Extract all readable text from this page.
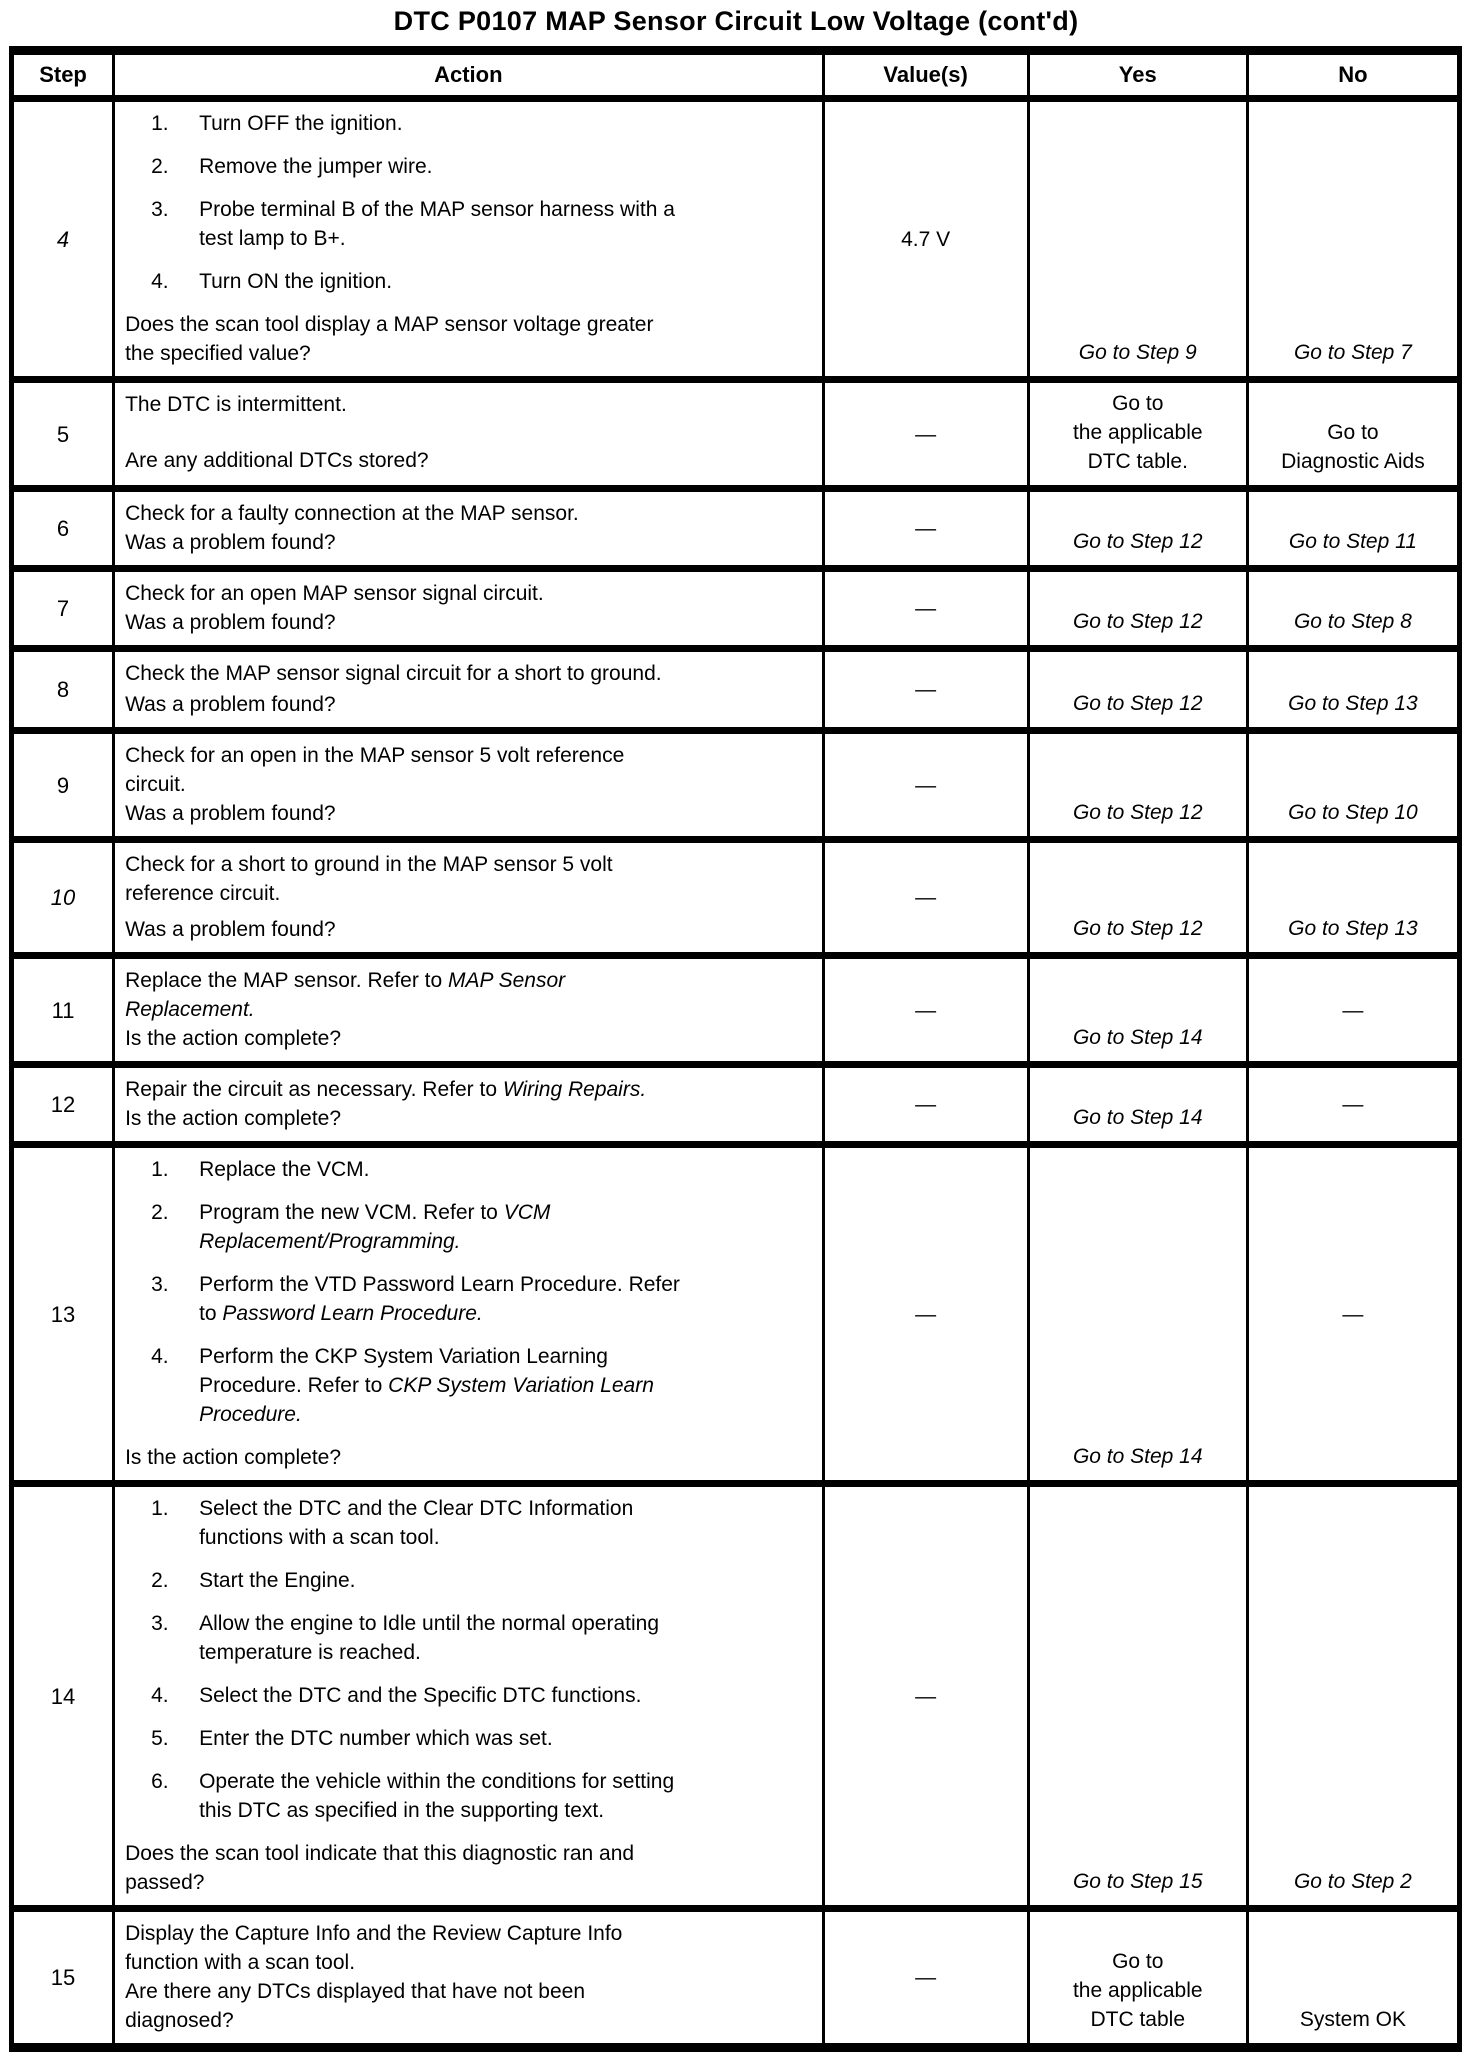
DTC P0107 MAP Sensor Circuit Low Voltage (cont'd)
Step	Action	Value(s)	Yes	No
4	
1.	Turn OFF the ignition.
2.	Remove the jumper wire.
3.	Probe terminal B of the MAP sensor harness with a
test lamp to B+.
4.	Turn ON the ignition.
Does the scan tool display a MAP sensor voltage greater
the specified value?
	4.7 V	Go to Step 9	Go to Step 7
5	
The DTC is intermittent.
Are any additional DTCs stored?
	—	Go to
the applicable
DTC table.	Go to
Diagnostic Aids
6	Check for a faulty connection at the MAP sensor.
Was a problem found?	—	Go to Step 12	Go to Step 11
7	Check for an open MAP sensor signal circuit.
Was a problem found?	—	Go to Step 12	Go to Step 8
8	Check the MAP sensor signal circuit for a short to ground.
Was a problem found?	—	Go to Step 12	Go to Step 13
9	Check for an open in the MAP sensor 5 volt reference
circuit.
Was a problem found?	—	Go to Step 12	Go to Step 10
10	Check for a short to ground in the MAP sensor 5 volt
reference circuit.
Was a problem found?	—	Go to Step 12	Go to Step 13
11	Replace the MAP sensor. Refer to MAP Sensor
Replacement.
Is the action complete?	—	Go to Step 14	—
12	Repair the circuit as necessary. Refer to Wiring Repairs.
Is the action complete?	—	Go to Step 14	—
13	
1.	Replace the VCM.
2.	Program the new VCM. Refer to VCM
Replacement/Programming.
3.	Perform the VTD Password Learn Procedure. Refer
to Password Learn Procedure.
4.	Perform the CKP System Variation Learning
Procedure. Refer to CKP System Variation Learn
Procedure.
Is the action complete?
	—	Go to Step 14	—
14	
1.	Select the DTC and the Clear DTC Information
functions with a scan tool.
2.	Start the Engine.
3.	Allow the engine to Idle until the normal operating
temperature is reached.
4.	Select the DTC and the Specific DTC functions.
5.	Enter the DTC number which was set.
6.	Operate the vehicle within the conditions for setting
this DTC as specified in the supporting text.
Does the scan tool indicate that this diagnostic ran and
passed?
	—	Go to Step 15	Go to Step 2
15	
Display the Capture Info and the Review Capture Info
function with a scan tool.
Are there any DTCs displayed that have not been
diagnosed?
	—	Go to
the applicable
DTC table	System OK
